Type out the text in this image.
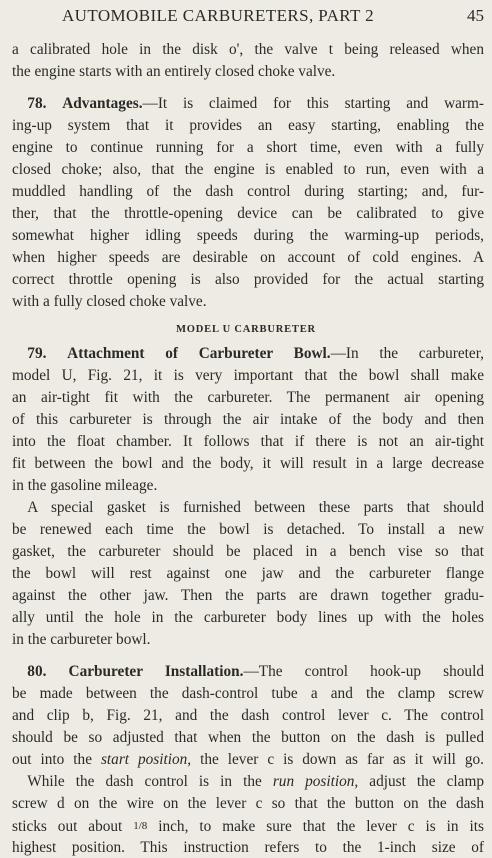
AUTOMOBILE CARBURETERS, PART 2	45
a calibrated hole in the disk o', the valve t being released when
the engine starts with an entirely closed choke valve.
 78. Advantages.—It is claimed for this starting and warm-
ing-up system that it provides an easy starting, enabling the
engine to continue running for a short time, even with a fully
closed choke; also, that the engine is enabled to run, even with a
muddled handling of the dash control during starting; and, fur-
ther, that the throttle-opening device can be calibrated to give
somewhat higher idling speeds during the warming-up periods,
when higher speeds are desirable on account of cold engines. A
correct throttle opening is also provided for the actual starting
with a fully closed choke valve.
MODEL U CARBURETER
 79. Attachment of Carbureter Bowl.—In the carbureter,
model U, Fig. 21, it is very important that the bowl shall make
an air-tight fit with the carbureter. The permanent air opening
of this carbureter is through the air intake of the body and then
into the float chamber. It follows that if there is not an air-tight
fit between the bowl and the body, it will result in a large decrease
in the gasoline mileage.
 A special gasket is furnished between these parts that should
be renewed each time the bowl is detached. To install a new
gasket, the carbureter should be placed in a bench vise so that
the bowl will rest against one jaw and the carbureter flange
against the other jaw. Then the parts are drawn together gradu-
ally until the hole in the carbureter body lines up with the holes
in the carbureter bowl.
 80. Carbureter Installation.—The control hook-up should
be made between the dash-control tube a and the clamp screw
and clip b, Fig. 21, and the dash control lever c. The control
should be so adjusted that when the button on the dash is pulled
out into the start position, the lever c is down as far as it will go.
 While the dash control is in the run position, adjust the clamp
screw d on the wire on the lever c so that the button on the dash
sticks out about 1/8 inch, to make sure that the lever c is in its
highest position. This instruction refers to the 1-inch size of
